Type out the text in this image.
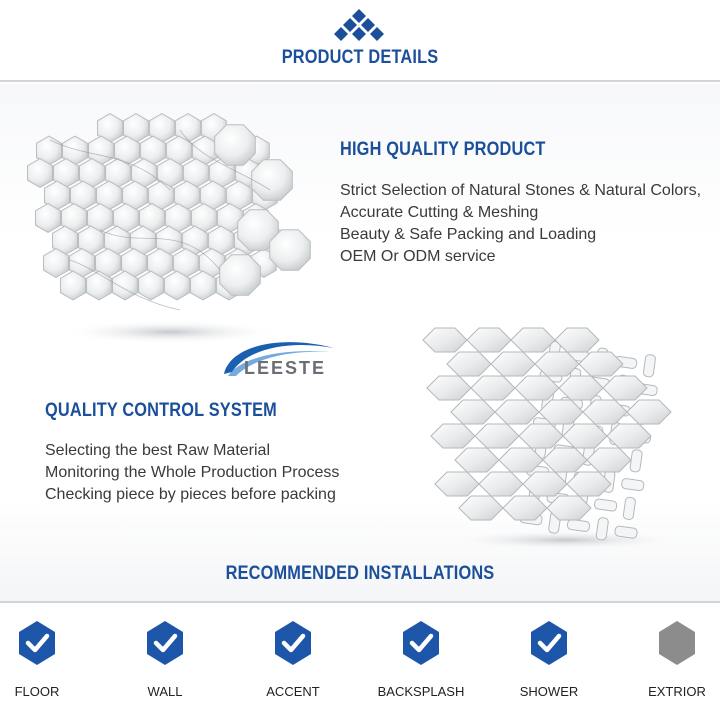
PRODUCT DETAILS
HIGH QUALITY PRODUCT
Strict Selection of Natural Stones & Natural Colors,
Accurate Cutting & Meshing
Beauty & Safe Packing and Loading
OEM Or ODM service
LEESTE
QUALITY CONTROL SYSTEM
Selecting the best Raw Material
Monitoring the Whole Production Process
Checking piece by pieces before packing
RECOMMENDED INSTALLATIONS
FLOOR	WALL	ACCENT	BACKSPLASH	SHOWER	EXTRIOR
